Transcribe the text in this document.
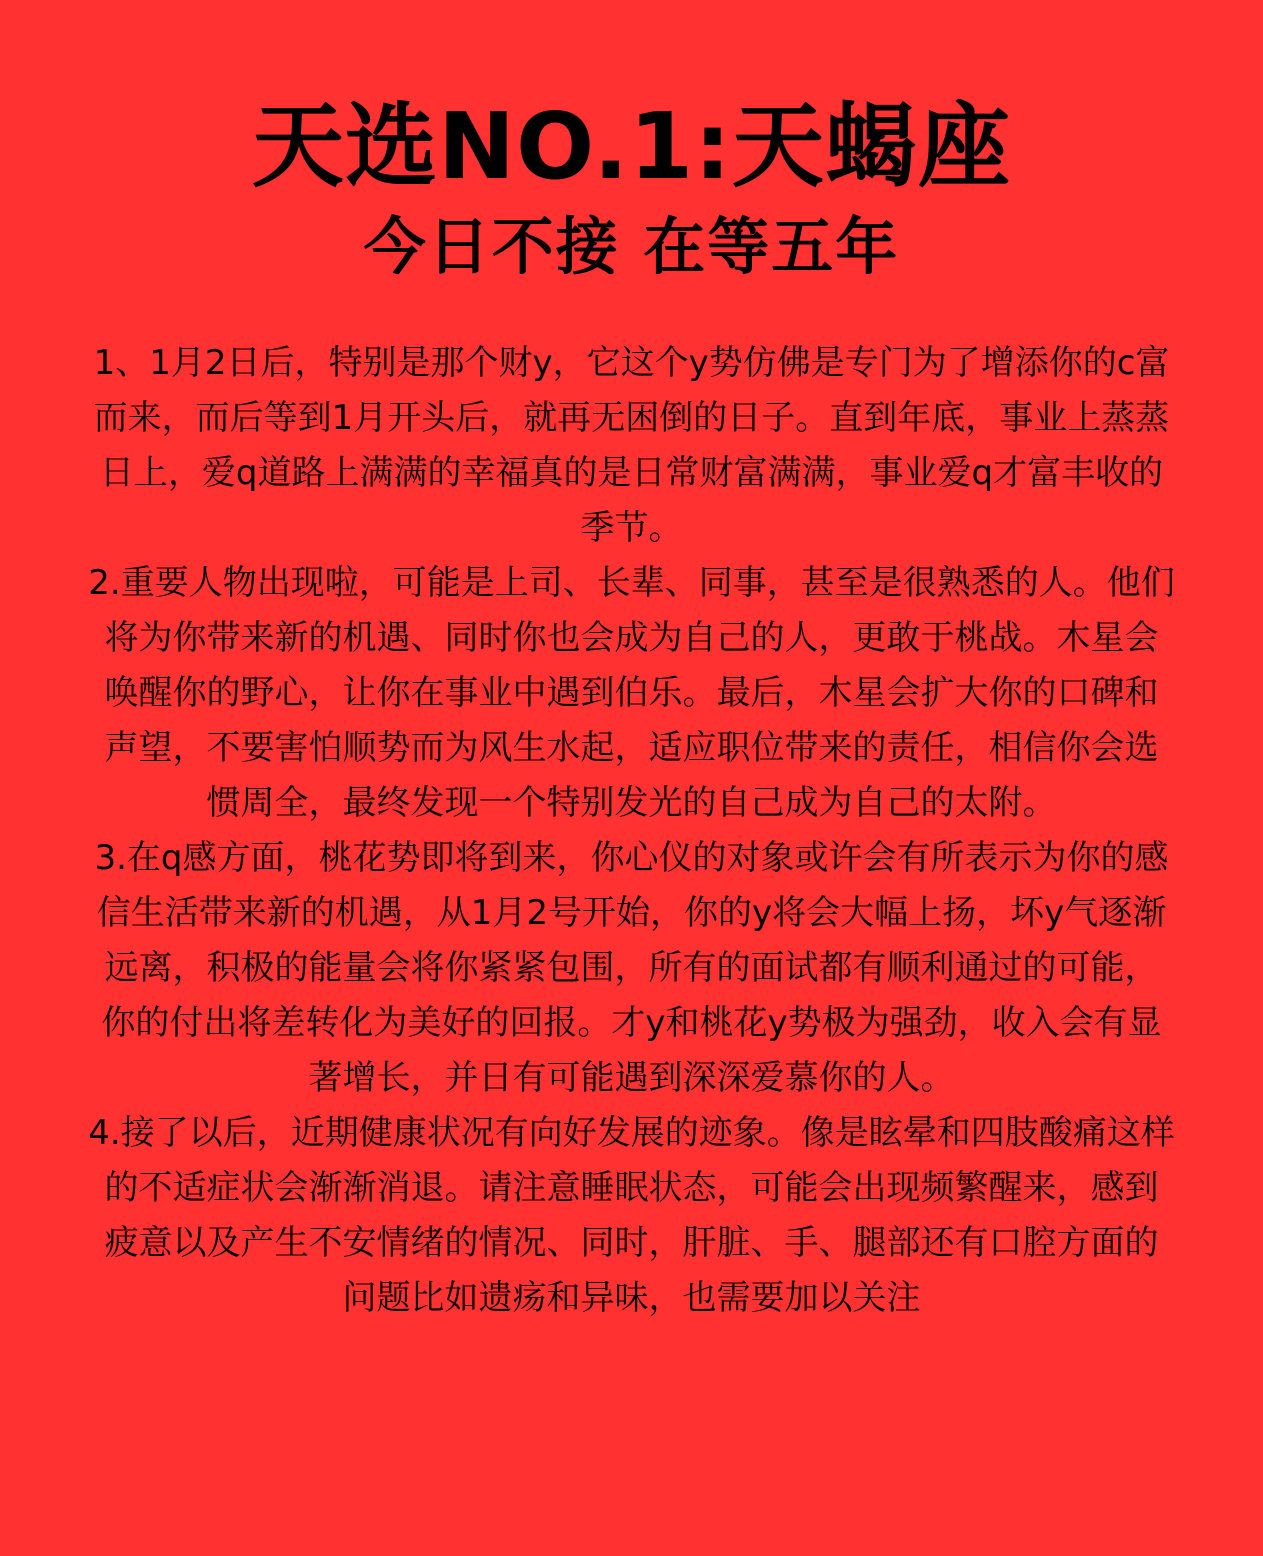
天选NO.1:天蝎座
今日不接 在等五年

1、1月2日后，特别是那个财y，它这个y势仿佛是专门为了增添你的c富而来，而后等到1月开头后，就再无困倒的日子。直到年底，事业上蒸蒸日上，爱q道路上满满的幸福真的是日常财富满满，事业爱q才富丰收的季节。

2.重要人物出现啦，可能是上司、长辈、同事，甚至是很熟悉的人。他们将为你带来新的机遇、同时你也会成为自己的人，更敢于桃战。木星会唤醒你的野心，让你在事业中遇到伯乐。最后，木星会扩大你的口碑和声望，不要害怕顺势而为风生水起，适应职位带来的责任，相信你会选惯周全，最终发现一个特别发光的自己成为自己的太附。

3.在q感方面，桃花势即将到来，你心仪的对象或许会有所表示为你的感信生活带来新的机遇，从1月2号开始，你的y将会大幅上扬，坏y气逐渐远离，积极的能量会将你紧紧包围，所有的面试都有顺利通过的可能，你的付出将差转化为美好的回报。才y和桃花y势极为强劲，收入会有显著增长，并日有可能遇到深深爱慕你的人。

4.接了以后，近期健康状况有向好发展的迹象。像是眩晕和四肢酸痛这样的不适症状会渐渐消退。请注意睡眠状态，可能会出现频繁醒来，感到疲意以及产生不安情绪的情况、同时，肝脏、手、腿部还有口腔方面的问题比如遗疡和异味，也需要加以关注
